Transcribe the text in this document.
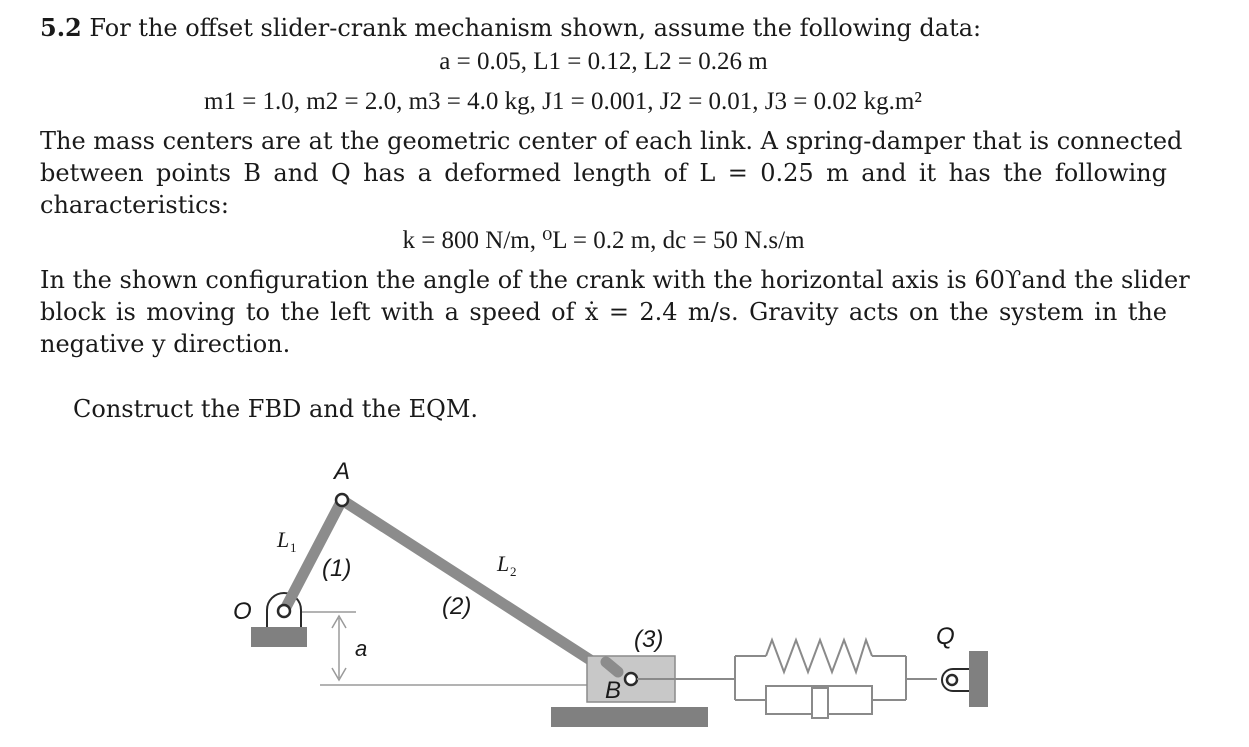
5.2 For the offset slider-crank mechanism shown, assume the following data:
a = 0.05, L1 = 0.12, L2 = 0.26 m
m1 = 1.0, m2 = 2.0, m3 = 4.0 kg, J1 = 0.001, J2 = 0.01, J3 = 0.02 kg.m²
The mass centers are at the geometric center of each link. A spring-damper that is connected
between points B and Q has a deformed length of L = 0.25 m and it has the following
characteristics:
k = 800 N/m, ⁰L = 0.2 m, dc = 50 N.s/m
In the shown configuration the angle of the crank with the horizontal axis is 60ϒand the slider
block is moving to the left with a speed of ẋ = 2.4 m/s. Gravity acts on the system in the
negative y direction.
Construct the FBD and the EQM.
A
O
B
Q
(1)
(2)
(3)
a
L 1
L 2
